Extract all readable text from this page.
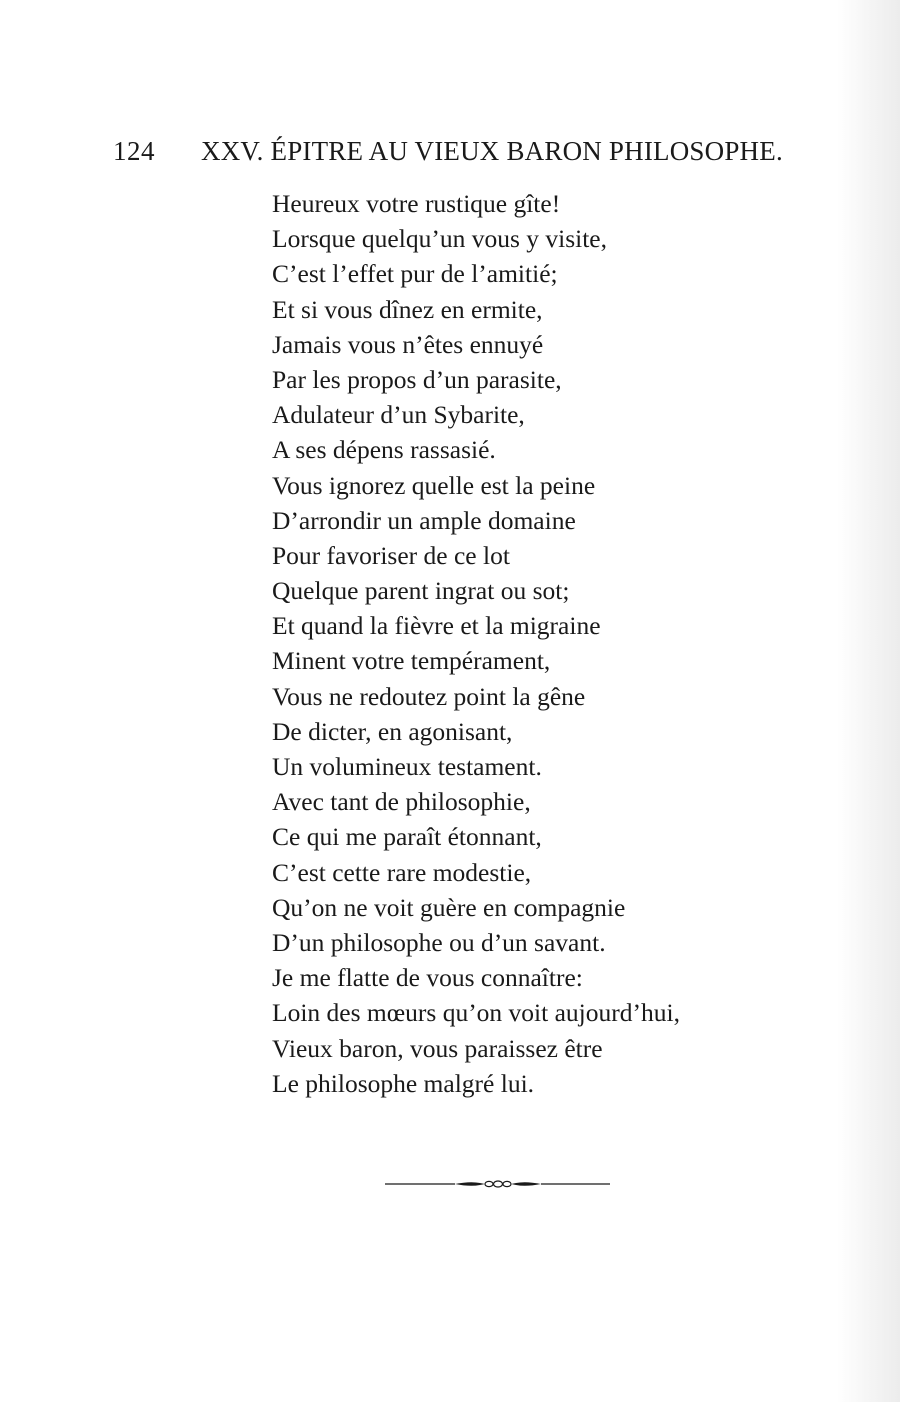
124 XXV. ÉPITRE AU VIEUX BARON PHILOSOPHE.
Heureux votre rustique gîte!
Lorsque quelqu’un vous y visite,
C’est l’effet pur de l’amitié;
Et si vous dînez en ermite,
Jamais vous n’êtes ennuyé
Par les propos d’un parasite,
Adulateur d’un Sybarite,
A ses dépens rassasié.
Vous ignorez quelle est la peine
D’arrondir un ample domaine
Pour favoriser de ce lot
Quelque parent ingrat ou sot;
Et quand la fièvre et la migraine
Minent votre tempérament,
Vous ne redoutez point la gêne
De dicter, en agonisant,
Un volumineux testament.
Avec tant de philosophie,
Ce qui me paraît étonnant,
C’est cette rare modestie,
Qu’on ne voit guère en compagnie
D’un philosophe ou d’un savant.
Je me flatte de vous connaître:
Loin des mœurs qu’on voit aujourd’hui,
Vieux baron, vous paraissez être
Le philosophe malgré lui.
